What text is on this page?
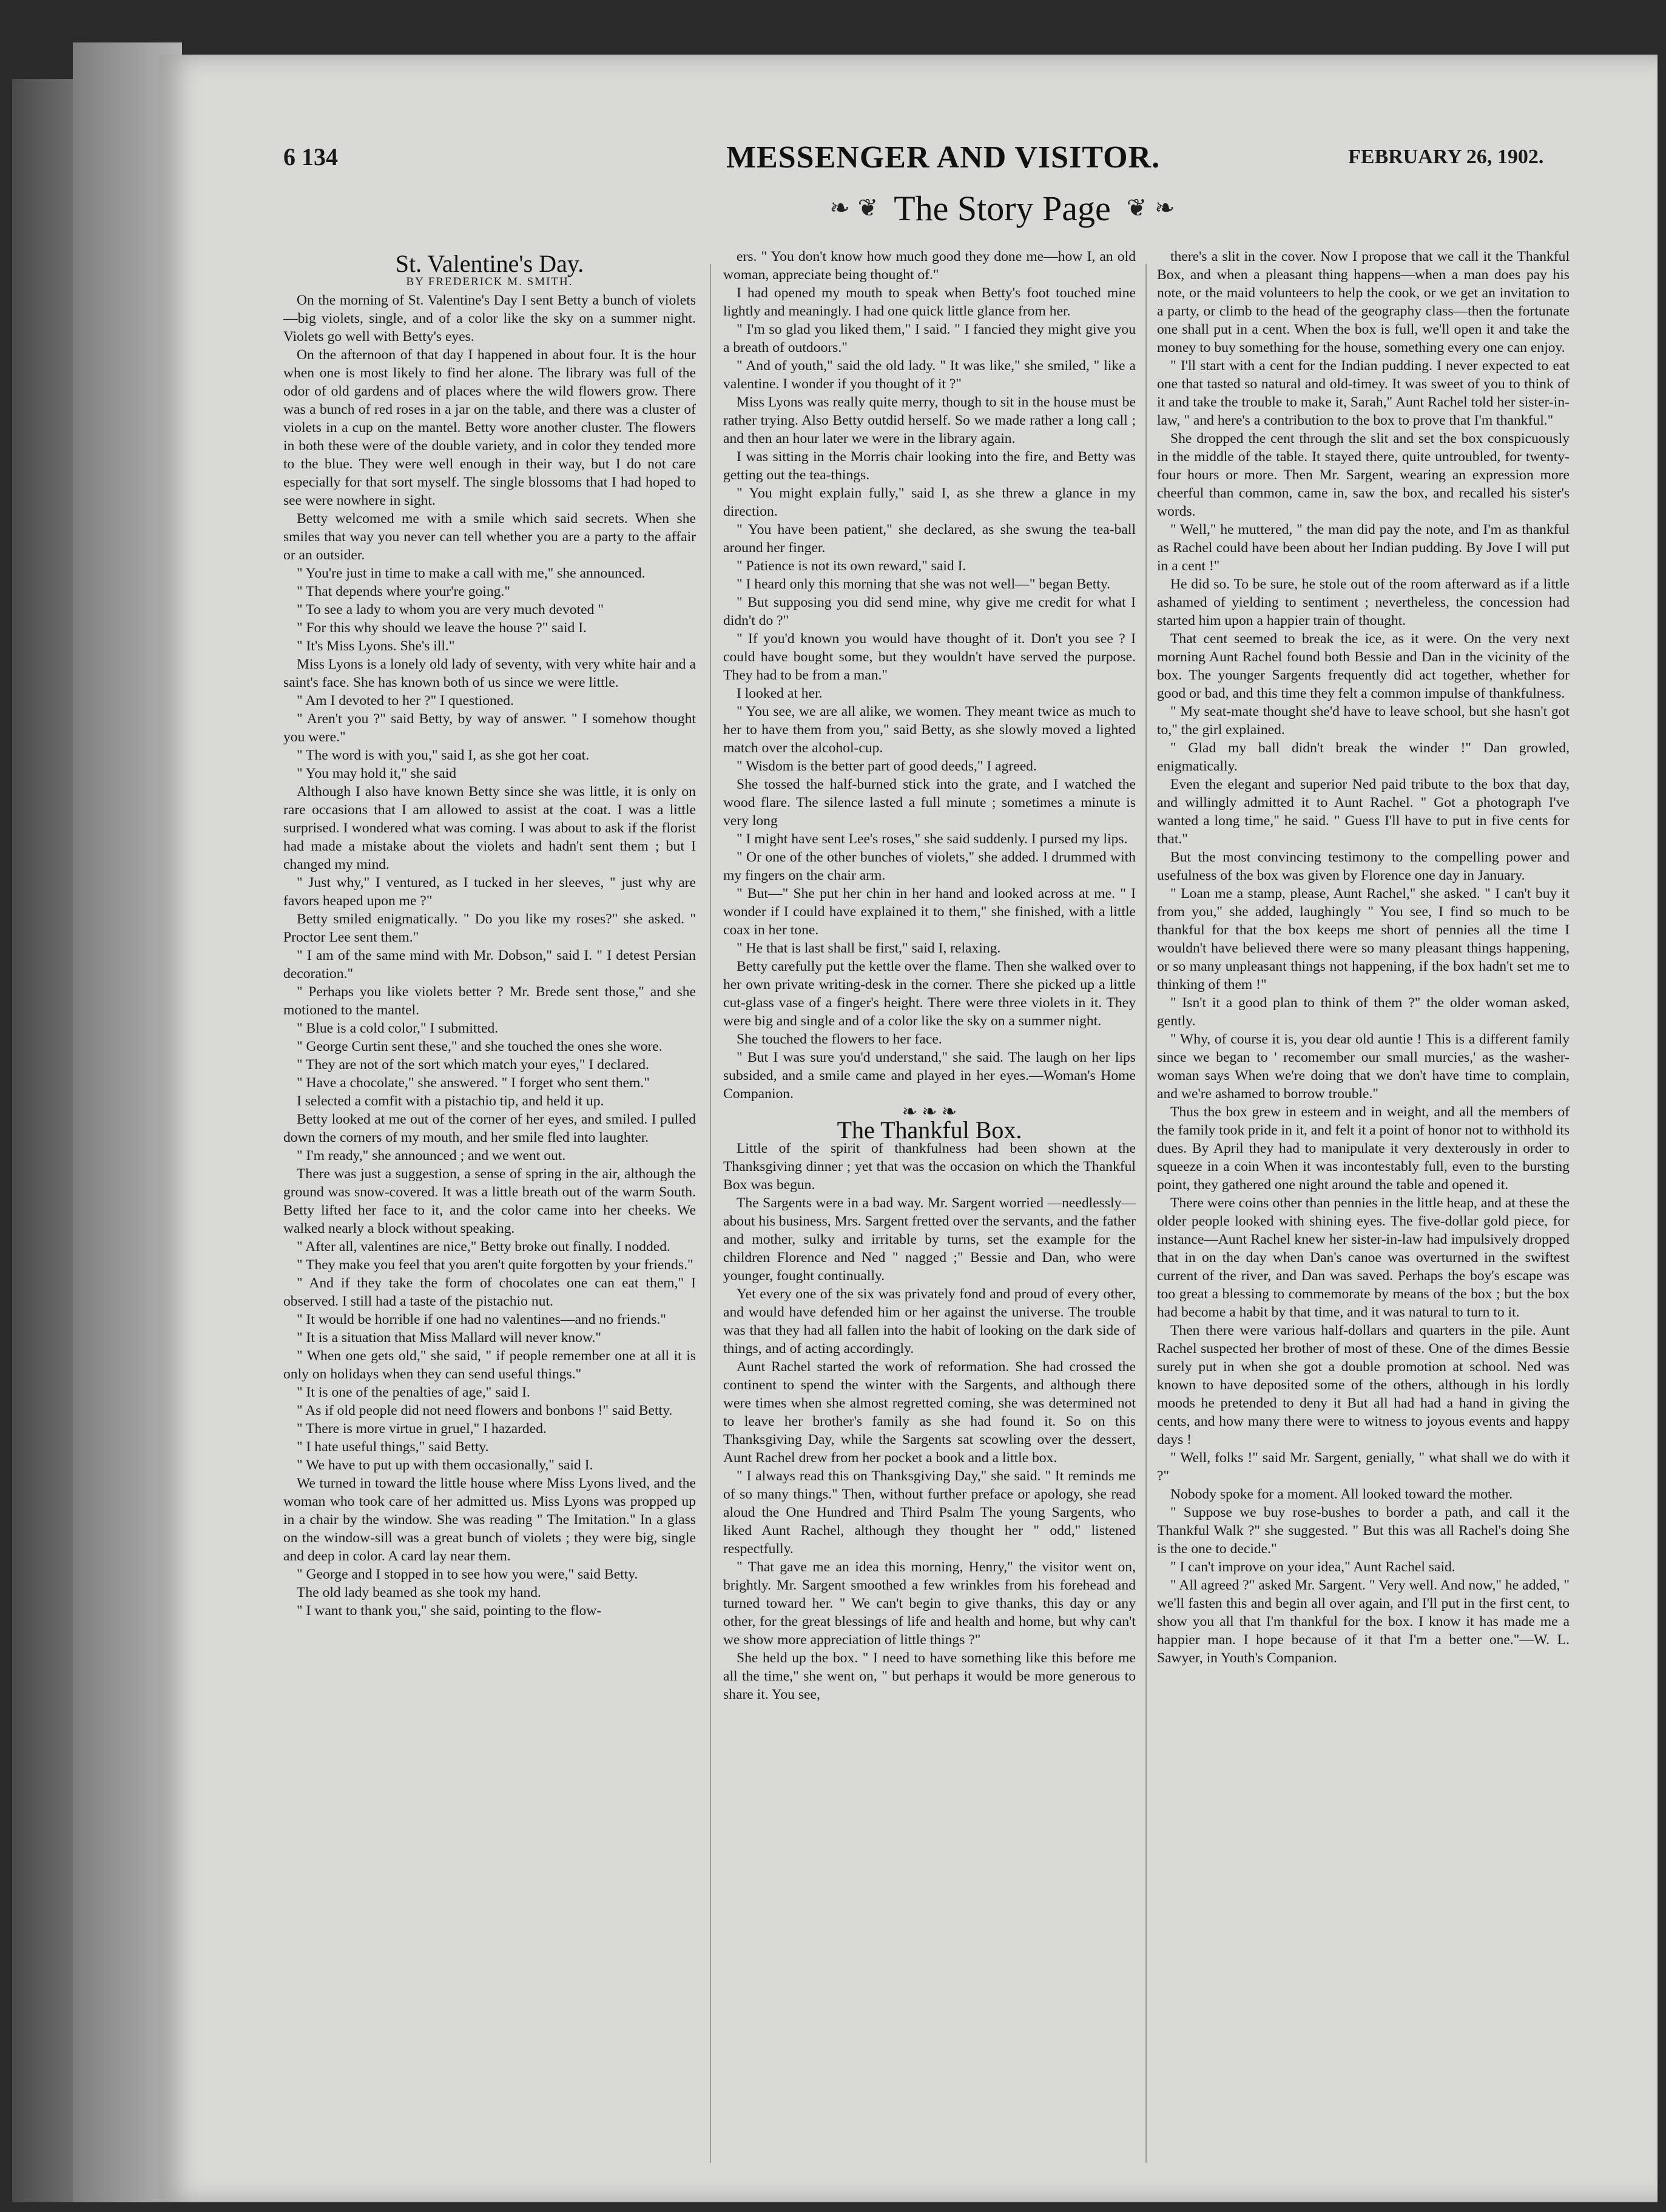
6 134	MESSENGER AND VISITOR.	FEBRUARY 26, 1902.
❧ ❦ The Story Page ❦ ❧

St. Valentine's Day.

BY FREDERICK M. SMITH.

On the morning of St. Valentine's Day I sent Betty a bunch of violets—big violets, single, and of a color like the sky on a summer night. Violets go well with Betty's eyes.

On the afternoon of that day I happened in about four. It is the hour when one is most likely to find her alone. The library was full of the odor of old gardens and of places where the wild flowers grow. There was a bunch of red roses in a jar on the table, and there was a cluster of violets in a cup on the mantel. Betty wore another cluster. The flowers in both these were of the double variety, and in color they tended more to the blue. They were well enough in their way, but I do not care especially for that sort myself. The single blossoms that I had hoped to see were nowhere in sight.

Betty welcomed me with a smile which said secrets. When she smiles that way you never can tell whether you are a party to the affair or an outsider.

" You're just in time to make a call with me," she announced.

" That depends where your're going."

" To see a lady to whom you are very much devoted "

" For this why should we leave the house ?" said I.

" It's Miss Lyons. She's ill."

Miss Lyons is a lonely old lady of seventy, with very white hair and a saint's face. She has known both of us since we were little.

" Am I devoted to her ?" I questioned.

" Aren't you ?" said Betty, by way of answer. " I somehow thought you were."

" The word is with you," said I, as she got her coat.

" You may hold it," she said

Although I also have known Betty since she was little, it is only on rare occasions that I am allowed to assist at the coat. I was a little surprised. I wondered what was coming. I was about to ask if the florist had made a mistake about the violets and hadn't sent them ; but I changed my mind.

" Just why," I ventured, as I tucked in her sleeves, " just why are favors heaped upon me ?"

Betty smiled enigmatically. " Do you like my roses?" she asked. " Proctor Lee sent them."

" I am of the same mind with Mr. Dobson," said I. " I detest Persian decoration."

" Perhaps you like violets better ? Mr. Brede sent those," and she motioned to the mantel.

" Blue is a cold color," I submitted.

" George Curtin sent these," and she touched the ones she wore.

" They are not of the sort which match your eyes," I declared.

" Have a chocolate," she answered. " I forget who sent them."

I selected a comfit with a pistachio tip, and held it up.

Betty looked at me out of the corner of her eyes, and smiled. I pulled down the corners of my mouth, and her smile fled into laughter.

" I'm ready," she announced ; and we went out.

There was just a suggestion, a sense of spring in the air, although the ground was snow-covered. It was a little breath out of the warm South. Betty lifted her face to it, and the color came into her cheeks. We walked nearly a block without speaking.

" After all, valentines are nice," Betty broke out finally. I nodded.

" They make you feel that you aren't quite forgotten by your friends."

" And if they take the form of chocolates one can eat them," I observed. I still had a taste of the pistachio nut.

" It would be horrible if one had no valentines—and no friends."

" It is a situation that Miss Mallard will never know."

" When one gets old," she said, " if people remember one at all it is only on holidays when they can send useful things."

" It is one of the penalties of age," said I.

" As if old people did not need flowers and bonbons !" said Betty.

" There is more virtue in gruel," I hazarded.

" I hate useful things," said Betty.

" We have to put up with them occasionally," said I.

We turned in toward the little house where Miss Lyons lived, and the woman who took care of her admitted us. Miss Lyons was propped up in a chair by the window. She was reading " The Imitation." In a glass on the window-sill was a great bunch of violets ; they were big, single and deep in color. A card lay near them.

" George and I stopped in to see how you were," said Betty.

The old lady beamed as she took my hand.

" I want to thank you," she said, pointing to the flow-

ers. " You don't know how much good they done me—how I, an old woman, appreciate being thought of."

I had opened my mouth to speak when Betty's foot touched mine lightly and meaningly. I had one quick little glance from her.

" I'm so glad you liked them," I said. " I fancied they might give you a breath of outdoors."

" And of youth," said the old lady. " It was like," she smiled, " like a valentine. I wonder if you thought of it ?"

Miss Lyons was really quite merry, though to sit in the house must be rather trying. Also Betty outdid herself. So we made rather a long call ; and then an hour later we were in the library again.

I was sitting in the Morris chair looking into the fire, and Betty was getting out the tea-things.

" You might explain fully," said I, as she threw a glance in my direction.

" You have been patient," she declared, as she swung the tea-ball around her finger.

" Patience is not its own reward," said I.

" I heard only this morning that she was not well—" began Betty.

" But supposing you did send mine, why give me credit for what I didn't do ?"

" If you'd known you would have thought of it. Don't you see ? I could have bought some, but they wouldn't have served the purpose. They had to be from a man."

I looked at her.

" You see, we are all alike, we women. They meant twice as much to her to have them from you," said Betty, as she slowly moved a lighted match over the alcohol-cup.

" Wisdom is the better part of good deeds," I agreed.

She tossed the half-burned stick into the grate, and I watched the wood flare. The silence lasted a full minute ; sometimes a minute is very long

" I might have sent Lee's roses," she said suddenly. I pursed my lips.

" Or one of the other bunches of violets," she added. I drummed with my fingers on the chair arm.

" But—" She put her chin in her hand and looked across at me. " I wonder if I could have explained it to them," she finished, with a little coax in her tone.

" He that is last shall be first," said I, relaxing.

Betty carefully put the kettle over the flame. Then she walked over to her own private writing-desk in the corner. There she picked up a little cut-glass vase of a finger's height. There were three violets in it. They were big and single and of a color like the sky on a summer night.

She touched the flowers to her face.

" But I was sure you'd understand," she said. The laugh on her lips subsided, and a smile came and played in her eyes.—Woman's Home Companion.

❧ ❧ ❧

The Thankful Box.

Little of the spirit of thankfulness had been shown at the Thanksgiving dinner ; yet that was the occasion on which the Thankful Box was begun.

The Sargents were in a bad way. Mr. Sargent worried —needlessly—about his business, Mrs. Sargent fretted over the servants, and the father and mother, sulky and irritable by turns, set the example for the children Florence and Ned " nagged ;" Bessie and Dan, who were younger, fought continually.

Yet every one of the six was privately fond and proud of every other, and would have defended him or her against the universe. The trouble was that they had all fallen into the habit of looking on the dark side of things, and of acting accordingly.

Aunt Rachel started the work of reformation. She had crossed the continent to spend the winter with the Sargents, and although there were times when she almost regretted coming, she was determined not to leave her brother's family as she had found it. So on this Thanksgiving Day, while the Sargents sat scowling over the dessert, Aunt Rachel drew from her pocket a book and a little box.

" I always read this on Thanksgiving Day," she said. " It reminds me of so many things." Then, without further preface or apology, she read aloud the One Hundred and Third Psalm The young Sargents, who liked Aunt Rachel, although they thought her " odd," listened respectfully.

" That gave me an idea this morning, Henry," the visitor went on, brightly. Mr. Sargent smoothed a few wrinkles from his forehead and turned toward her. " We can't begin to give thanks, this day or any other, for the great blessings of life and health and home, but why can't we show more appreciation of little things ?"

She held up the box. " I need to have something like this before me all the time," she went on, " but perhaps it would be more generous to share it. You see,

there's a slit in the cover. Now I propose that we call it the Thankful Box, and when a pleasant thing happens—when a man does pay his note, or the maid volunteers to help the cook, or we get an invitation to a party, or climb to the head of the geography class—then the fortunate one shall put in a cent. When the box is full, we'll open it and take the money to buy something for the house, something every one can enjoy.

" I'll start with a cent for the Indian pudding. I never expected to eat one that tasted so natural and old-timey. It was sweet of you to think of it and take the trouble to make it, Sarah," Aunt Rachel told her sister-in-law, " and here's a contribution to the box to prove that I'm thankful."

She dropped the cent through the slit and set the box conspicuously in the middle of the table. It stayed there, quite untroubled, for twenty-four hours or more. Then Mr. Sargent, wearing an expression more cheerful than common, came in, saw the box, and recalled his sister's words.

" Well," he muttered, " the man did pay the note, and I'm as thankful as Rachel could have been about her Indian pudding. By Jove I will put in a cent !"

He did so. To be sure, he stole out of the room afterward as if a little ashamed of yielding to sentiment ; nevertheless, the concession had started him upon a happier train of thought.

That cent seemed to break the ice, as it were. On the very next morning Aunt Rachel found both Bessie and Dan in the vicinity of the box. The younger Sargents frequently did act together, whether for good or bad, and this time they felt a common impulse of thankfulness.

" My seat-mate thought she'd have to leave school, but she hasn't got to," the girl explained.

" Glad my ball didn't break the winder !" Dan growled, enigmatically.

Even the elegant and superior Ned paid tribute to the box that day, and willingly admitted it to Aunt Rachel. " Got a photograph I've wanted a long time," he said. " Guess I'll have to put in five cents for that."

But the most convincing testimony to the compelling power and usefulness of the box was given by Florence one day in January.

" Loan me a stamp, please, Aunt Rachel," she asked. " I can't buy it from you," she added, laughingly " You see, I find so much to be thankful for that the box keeps me short of pennies all the time I wouldn't have believed there were so many pleasant things happening, or so many unpleasant things not happening, if the box hadn't set me to thinking of them !"

" Isn't it a good plan to think of them ?" the older woman asked, gently.

" Why, of course it is, you dear old auntie ! This is a different family since we began to ' recomember our small murcies,' as the washer-woman says When we're doing that we don't have time to complain, and we're ashamed to borrow trouble."

Thus the box grew in esteem and in weight, and all the members of the family took pride in it, and felt it a point of honor not to withhold its dues. By April they had to manipulate it very dexterously in order to squeeze in a coin When it was incontestably full, even to the bursting point, they gathered one night around the table and opened it.

There were coins other than pennies in the little heap, and at these the older people looked with shining eyes. The five-dollar gold piece, for instance—Aunt Rachel knew her sister-in-law had impulsively dropped that in on the day when Dan's canoe was overturned in the swiftest current of the river, and Dan was saved. Perhaps the boy's escape was too great a blessing to commemorate by means of the box ; but the box had become a habit by that time, and it was natural to turn to it.

Then there were various half-dollars and quarters in the pile. Aunt Rachel suspected her brother of most of these. One of the dimes Bessie surely put in when she got a double promotion at school. Ned was known to have deposited some of the others, although in his lordly moods he pretended to deny it But all had had a hand in giving the cents, and how many there were to witness to joyous events and happy days !

" Well, folks !" said Mr. Sargent, genially, " what shall we do with it ?"

Nobody spoke for a moment. All looked toward the mother.

" Suppose we buy rose-bushes to border a path, and call it the Thankful Walk ?" she suggested. " But this was all Rachel's doing She is the one to decide."

" I can't improve on your idea," Aunt Rachel said.

" All agreed ?" asked Mr. Sargent. " Very well. And now," he added, " we'll fasten this and begin all over again, and I'll put in the first cent, to show you all that I'm thankful for the box. I know it has made me a happier man. I hope because of it that I'm a better one."—W. L. Sawyer, in Youth's Companion.
